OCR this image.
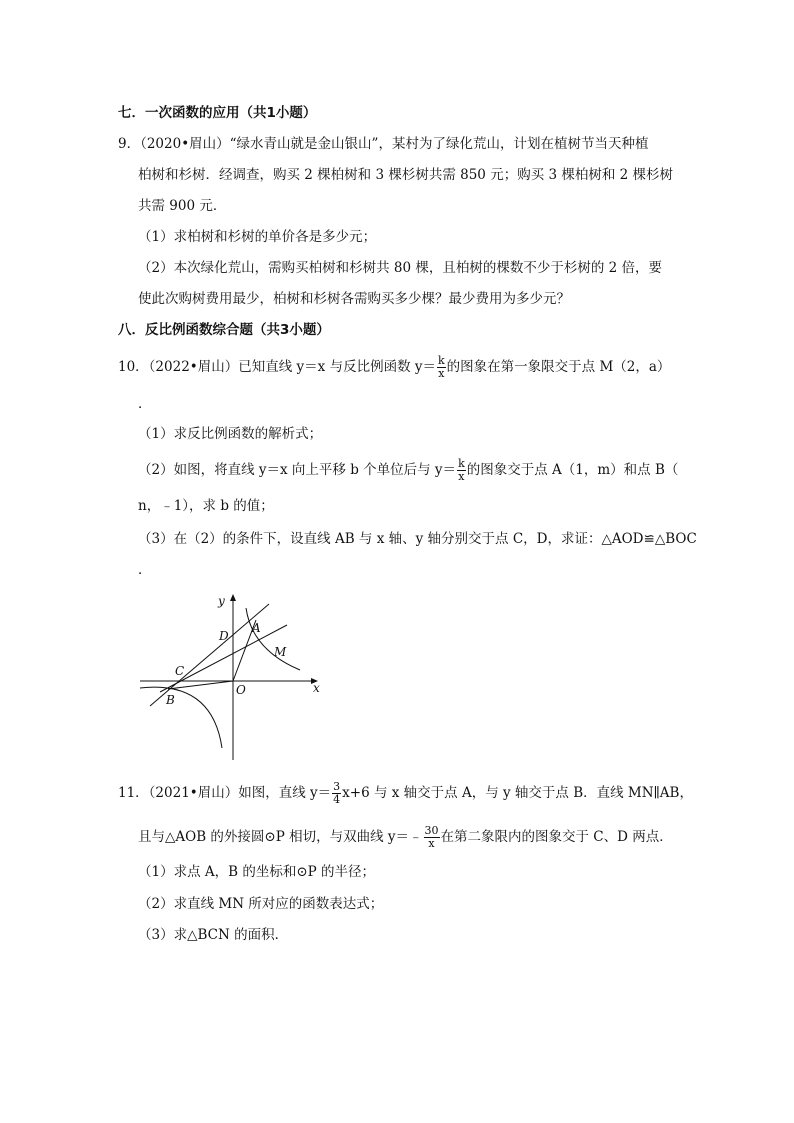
七．一次函数的应用（共1小题）
9．（2020•眉山）“绿水青山就是金山银山”，某村为了绿化荒山，计划在植树节当天种植
柏树和杉树．经调查，购买 2 棵柏树和 3 棵杉树共需 850 元；购买 3 棵柏树和 2 棵杉树
共需 900 元．
（1）求柏树和杉树的单价各是多少元；
（2）本次绿化荒山，需购买柏树和杉树共 80 棵，且柏树的棵数不少于杉树的 2 倍，要
使此次购树费用最少，柏树和杉树各需购买多少棵？最少费用为多少元？
八．反比例函数综合题（共3小题）
10．（2022•眉山）已知直线 y＝x 与反比例函数 $y= \frac{k}{x}$ 的图象在第一象限交于点 M（2，a）
．
（1）求反比例函数的解析式；
（2）如图，将直线 y＝x 向上平移 b 个单位后与 $y= \frac{k}{x}$ 的图象交于点 A（1，m）和点 B（
n，﹣1），求 b 的值；
（3）在（2）的条件下，设直线 AB 与 x 轴、y 轴分别交于点 C，D，求证：△AOD≌△BOC
．
y
x
D
A
M
C
O
B
11．（2021•眉山）如图，直线 $y= \frac{3}{4} x+6$ 与 x 轴交于点 A，与 y 轴交于点 B．直线 MN∥AB，
且与△AOB 的外接圆⊙P 相切，与双曲线 y＝﹣ $\frac{30}{x}$ 在第二象限内的图象交于 C、D 两点．
（1）求点 A，B 的坐标和⊙P 的半径；
（2）求直线 MN 所对应的函数表达式；
（3）求△BCN 的面积．
